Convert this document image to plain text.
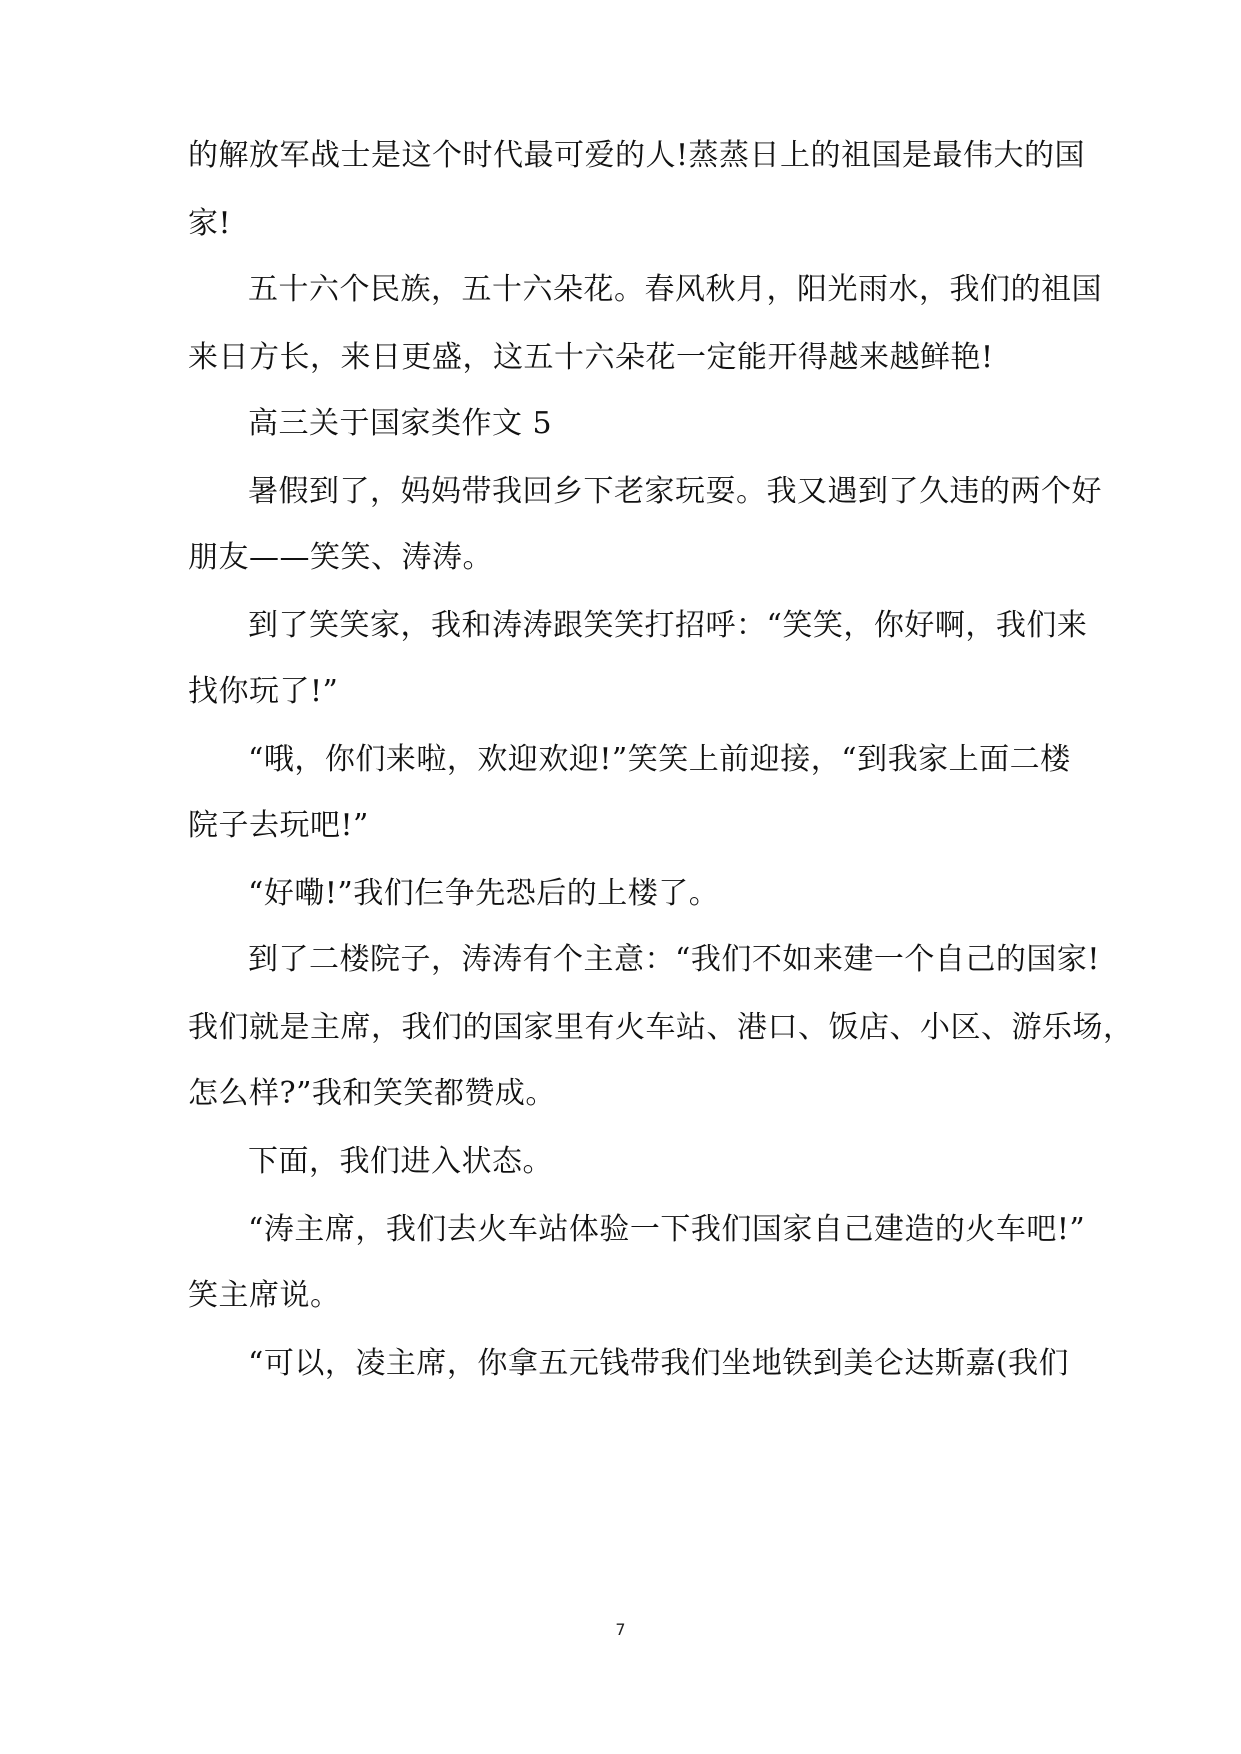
的解放军战士是这个时代最可爱的人!蒸蒸日上的祖国是最伟大的国
家!
五十六个民族，五十六朵花。春风秋月，阳光雨水，我们的祖国
来日方长，来日更盛，这五十六朵花一定能开得越来越鲜艳!
高三关于国家类作文 5
暑假到了，妈妈带我回乡下老家玩耍。我又遇到了久违的两个好
朋友——笑笑、涛涛。
到了笑笑家，我和涛涛跟笑笑打招呼：“笑笑，你好啊，我们来
找你玩了!”
“哦，你们来啦，欢迎欢迎!”笑笑上前迎接，“到我家上面二楼
院子去玩吧!”
“好嘞!”我们仨争先恐后的上楼了。
到了二楼院子，涛涛有个主意：“我们不如来建一个自己的国家!
我们就是主席，我们的国家里有火车站、港口、饭店、小区、游乐场，
怎么样?”我和笑笑都赞成。
下面，我们进入状态。
“涛主席，我们去火车站体验一下我们国家自己建造的火车吧!”
笑主席说。
“可以，凌主席，你拿五元钱带我们坐地铁到美仑达斯嘉(我们
7
